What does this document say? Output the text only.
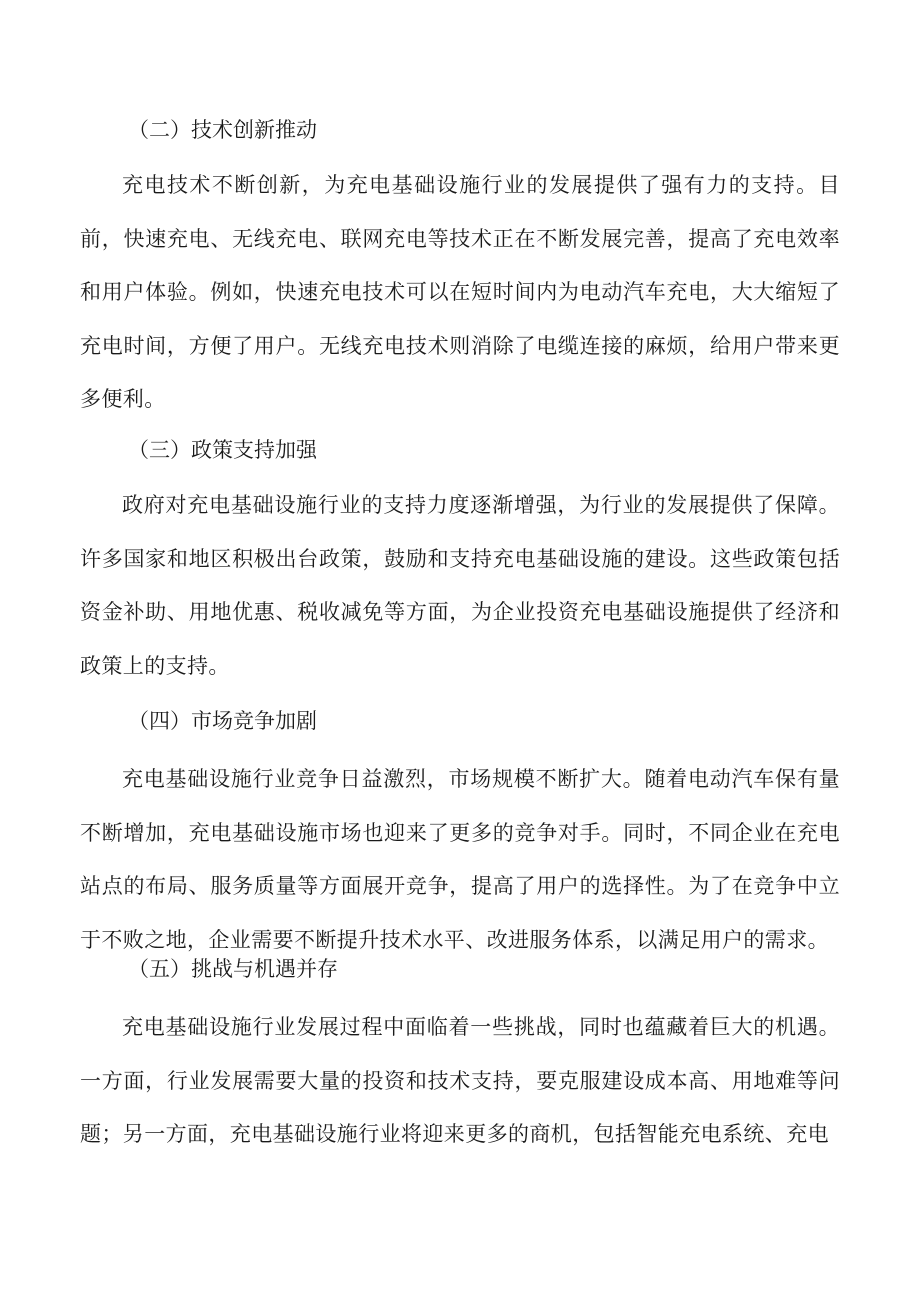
（二）技术创新推动
充电技术不断创新，为充电基础设施行业的发展提供了强有力的支持。目前，快速充电、无线充电、联网充电等技术正在不断发展完善，提高了充电效率和用户体验。例如，快速充电技术可以在短时间内为电动汽车充电，大大缩短了充电时间，方便了用户。无线充电技术则消除了电缆连接的麻烦，给用户带来更多便利。
（三）政策支持加强
政府对充电基础设施行业的支持力度逐渐增强，为行业的发展提供了保障。许多国家和地区积极出台政策，鼓励和支持充电基础设施的建设。这些政策包括资金补助、用地优惠、税收减免等方面，为企业投资充电基础设施提供了经济和政策上的支持。
（四）市场竞争加剧
充电基础设施行业竞争日益激烈，市场规模不断扩大。随着电动汽车保有量不断增加，充电基础设施市场也迎来了更多的竞争对手。同时，不同企业在充电站点的布局、服务质量等方面展开竞争，提高了用户的选择性。为了在竞争中立于不败之地，企业需要不断提升技术水平、改进服务体系，以满足用户的需求。
（五）挑战与机遇并存
充电基础设施行业发展过程中面临着一些挑战，同时也蕴藏着巨大的机遇。一方面，行业发展需要大量的投资和技术支持，要克服建设成本高、用地难等问题；另一方面，充电基础设施行业将迎来更多的商机，包括智能充电系统、充电
